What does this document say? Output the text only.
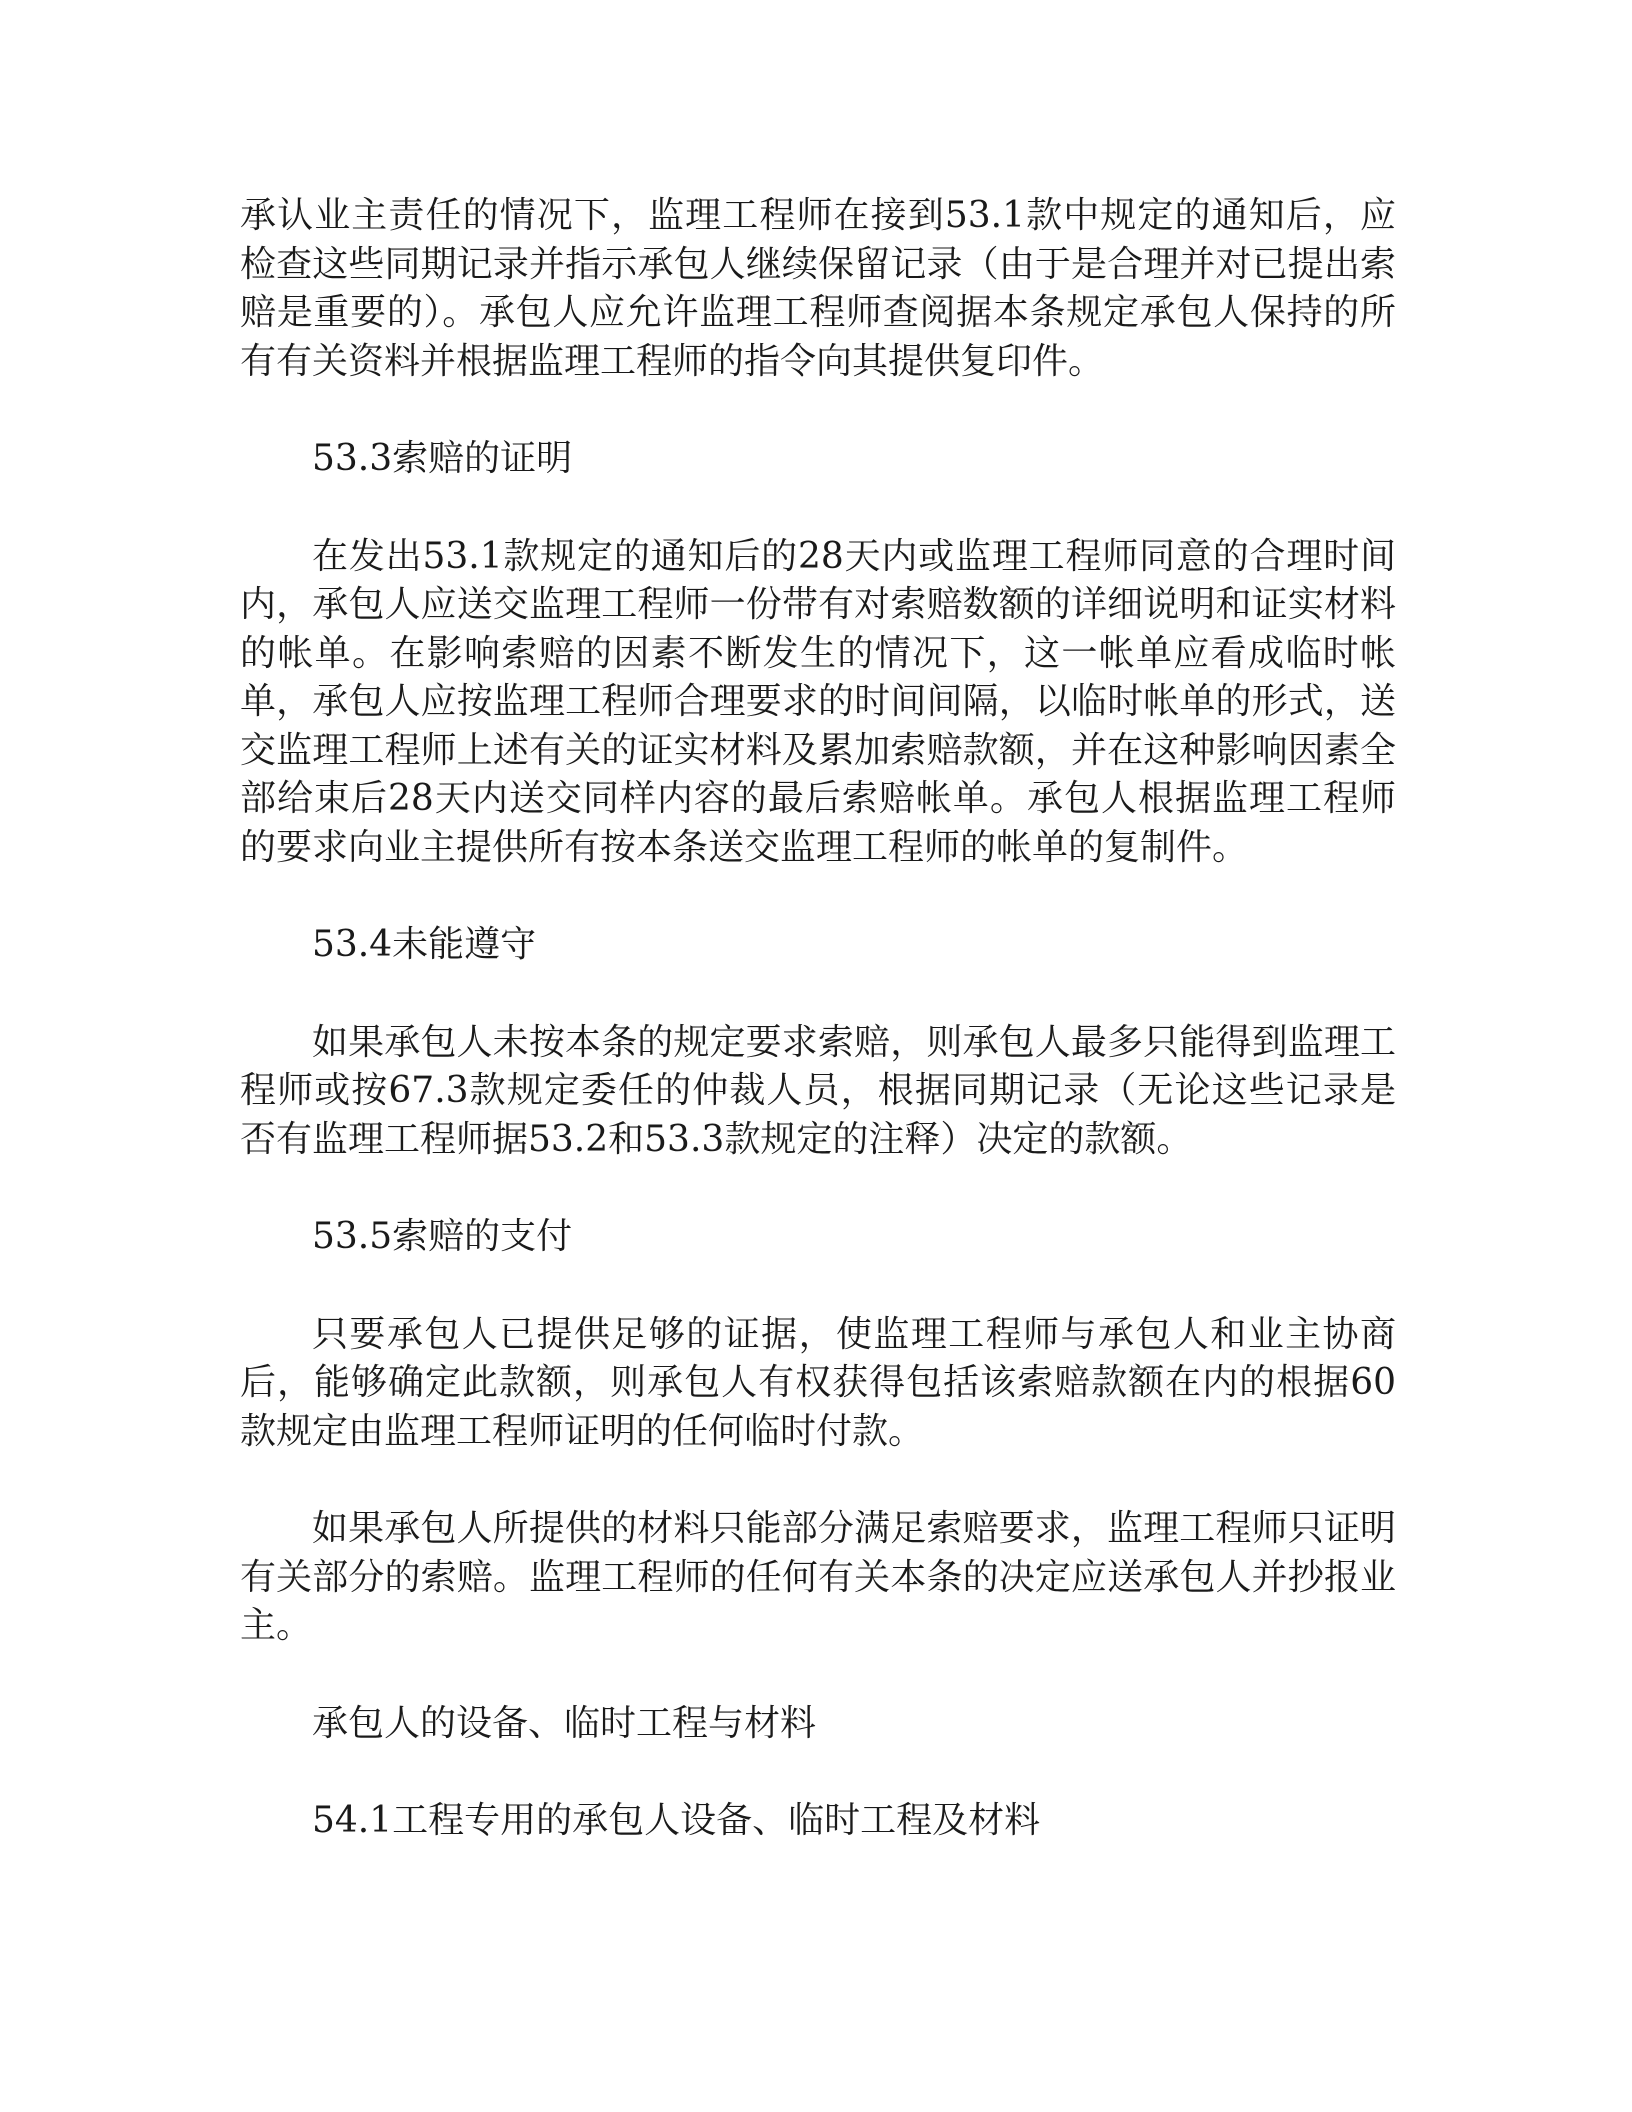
承认业主责任的情况下，监理工程师在接到53.1款中规定的通知后，应检查这些同期记录并指示承包人继续保留记录（由于是合理并对已提出索赔是重要的）。承包人应允许监理工程师查阅据本条规定承包人保持的所有有关资料并根据监理工程师的指令向其提供复印件。

53.3索赔的证明

在发出53.1款规定的通知后的28天内或监理工程师同意的合理时间内，承包人应送交监理工程师一份带有对索赔数额的详细说明和证实材料的帐单。在影响索赔的因素不断发生的情况下，这一帐单应看成临时帐单，承包人应按监理工程师合理要求的时间间隔，以临时帐单的形式，送交监理工程师上述有关的证实材料及累加索赔款额，并在这种影响因素全部给束后28天内送交同样内容的最后索赔帐单。承包人根据监理工程师的要求向业主提供所有按本条送交监理工程师的帐单的复制件。

53.4未能遵守

如果承包人未按本条的规定要求索赔，则承包人最多只能得到监理工程师或按67.3款规定委任的仲裁人员，根据同期记录（无论这些记录是否有监理工程师据53.2和53.3款规定的注释）决定的款额。

53.5索赔的支付

只要承包人已提供足够的证据，使监理工程师与承包人和业主协商后，能够确定此款额，则承包人有权获得包括该索赔款额在内的根据60款规定由监理工程师证明的任何临时付款。

如果承包人所提供的材料只能部分满足索赔要求，监理工程师只证明有关部分的索赔。监理工程师的任何有关本条的决定应送承包人并抄报业主。

承包人的设备、临时工程与材料

54.1工程专用的承包人设备、临时工程及材料
